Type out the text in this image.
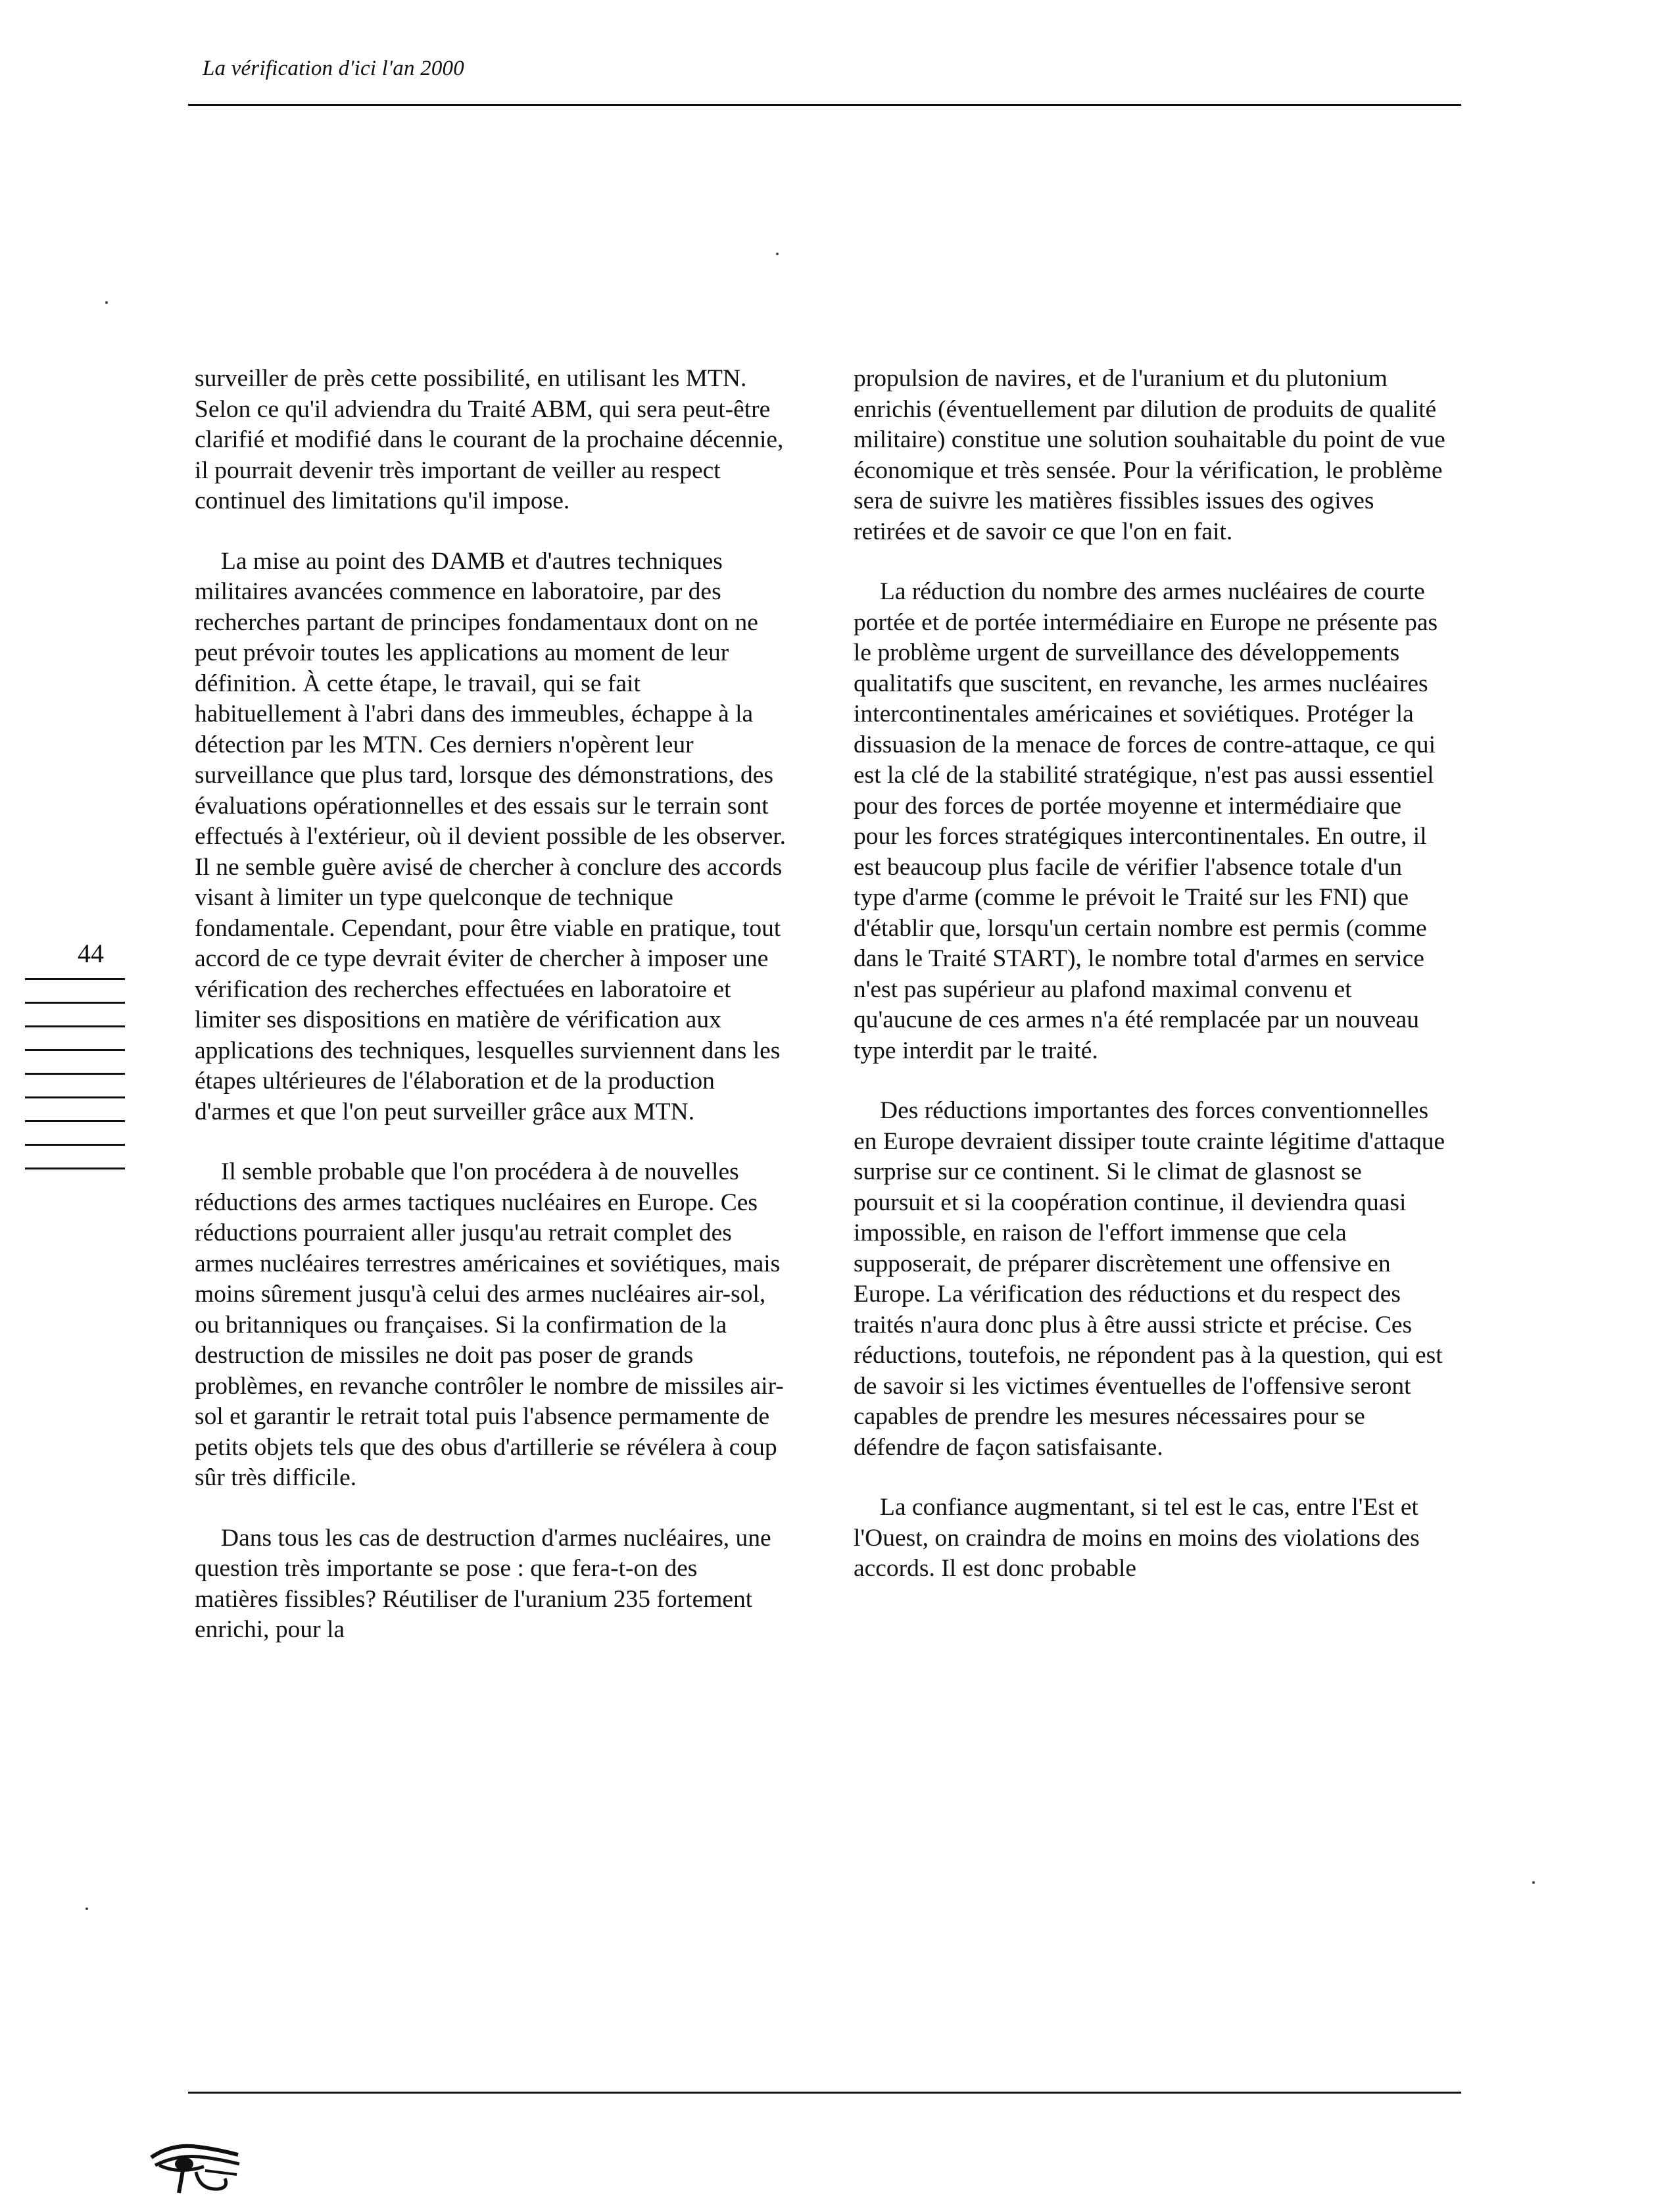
La vérification d'ici l'an 2000
44

surveiller de près cette possibilité, en utilisant les MTN. Selon ce qu'il adviendra du Traité ABM, qui sera peut-être clarifié et modifié dans le courant de la prochaine décennie, il pourrait devenir très important de veiller au respect continuel des limitations qu'il impose.

La mise au point des DAMB et d'autres techniques militaires avancées commence en laboratoire, par des recherches partant de principes fondamentaux dont on ne peut prévoir toutes les applications au moment de leur définition. À cette étape, le travail, qui se fait habituellement à l'abri dans des immeubles, échappe à la détection par les MTN. Ces derniers n'opèrent leur surveillance que plus tard, lorsque des démonstrations, des évaluations opérationnelles et des essais sur le terrain sont effectués à l'extérieur, où il devient possible de les observer. Il ne semble guère avisé de chercher à conclure des accords visant à limiter un type quelconque de technique fondamentale. Cependant, pour être viable en pratique, tout accord de ce type devrait éviter de chercher à imposer une vérification des recherches effectuées en laboratoire et limiter ses dispositions en matière de vérification aux applications des techniques, lesquelles surviennent dans les étapes ultérieures de l'élaboration et de la production d'armes et que l'on peut surveiller grâce aux MTN.

Il semble probable que l'on procédera à de nouvelles réductions des armes tactiques nucléaires en Europe. Ces réductions pourraient aller jusqu'au retrait complet des armes nucléaires terrestres américaines et soviétiques, mais moins sûrement jusqu'à celui des armes nucléaires air-sol, ou britanniques ou françaises. Si la confirmation de la destruction de missiles ne doit pas poser de grands problèmes, en revanche contrôler le nombre de missiles air-sol et garantir le retrait total puis l'absence permamente de petits objets tels que des obus d'artillerie se révélera à coup sûr très difficile.

Dans tous les cas de destruction d'armes nucléaires, une question très importante se pose : que fera-t-on des matières fissibles? Réutiliser de l'uranium 235 fortement enrichi, pour la

propulsion de navires, et de l'uranium et du plutonium enrichis (éventuellement par dilution de produits de qualité militaire) constitue une solution souhaitable du point de vue économique et très sensée. Pour la vérification, le problème sera de suivre les matières fissibles issues des ogives retirées et de savoir ce que l'on en fait.

La réduction du nombre des armes nucléaires de courte portée et de portée intermédiaire en Europe ne présente pas le problème urgent de surveillance des développements qualitatifs que suscitent, en revanche, les armes nucléaires intercontinentales américaines et soviétiques. Protéger la dissuasion de la menace de forces de contre-attaque, ce qui est la clé de la stabilité stratégique, n'est pas aussi essentiel pour des forces de portée moyenne et intermédiaire que pour les forces stratégiques intercontinentales. En outre, il est beaucoup plus facile de vérifier l'absence totale d'un type d'arme (comme le prévoit le Traité sur les FNI) que d'établir que, lorsqu'un certain nombre est permis (comme dans le Traité START), le nombre total d'armes en service n'est pas supérieur au plafond maximal convenu et qu'aucune de ces armes n'a été remplacée par un nouveau type interdit par le traité.

Des réductions importantes des forces conventionnelles en Europe devraient dissiper toute crainte légitime d'attaque surprise sur ce continent. Si le climat de glasnost se poursuit et si la coopération continue, il deviendra quasi impossible, en raison de l'effort immense que cela supposerait, de préparer discrètement une offensive en Europe. La vérification des réductions et du respect des traités n'aura donc plus à être aussi stricte et précise. Ces réductions, toutefois, ne répondent pas à la question, qui est de savoir si les victimes éventuelles de l'offensive seront capables de prendre les mesures nécessaires pour se défendre de façon satisfaisante.

La confiance augmentant, si tel est le cas, entre l'Est et l'Ouest, on craindra de moins en moins des violations des accords. Il est donc probable
